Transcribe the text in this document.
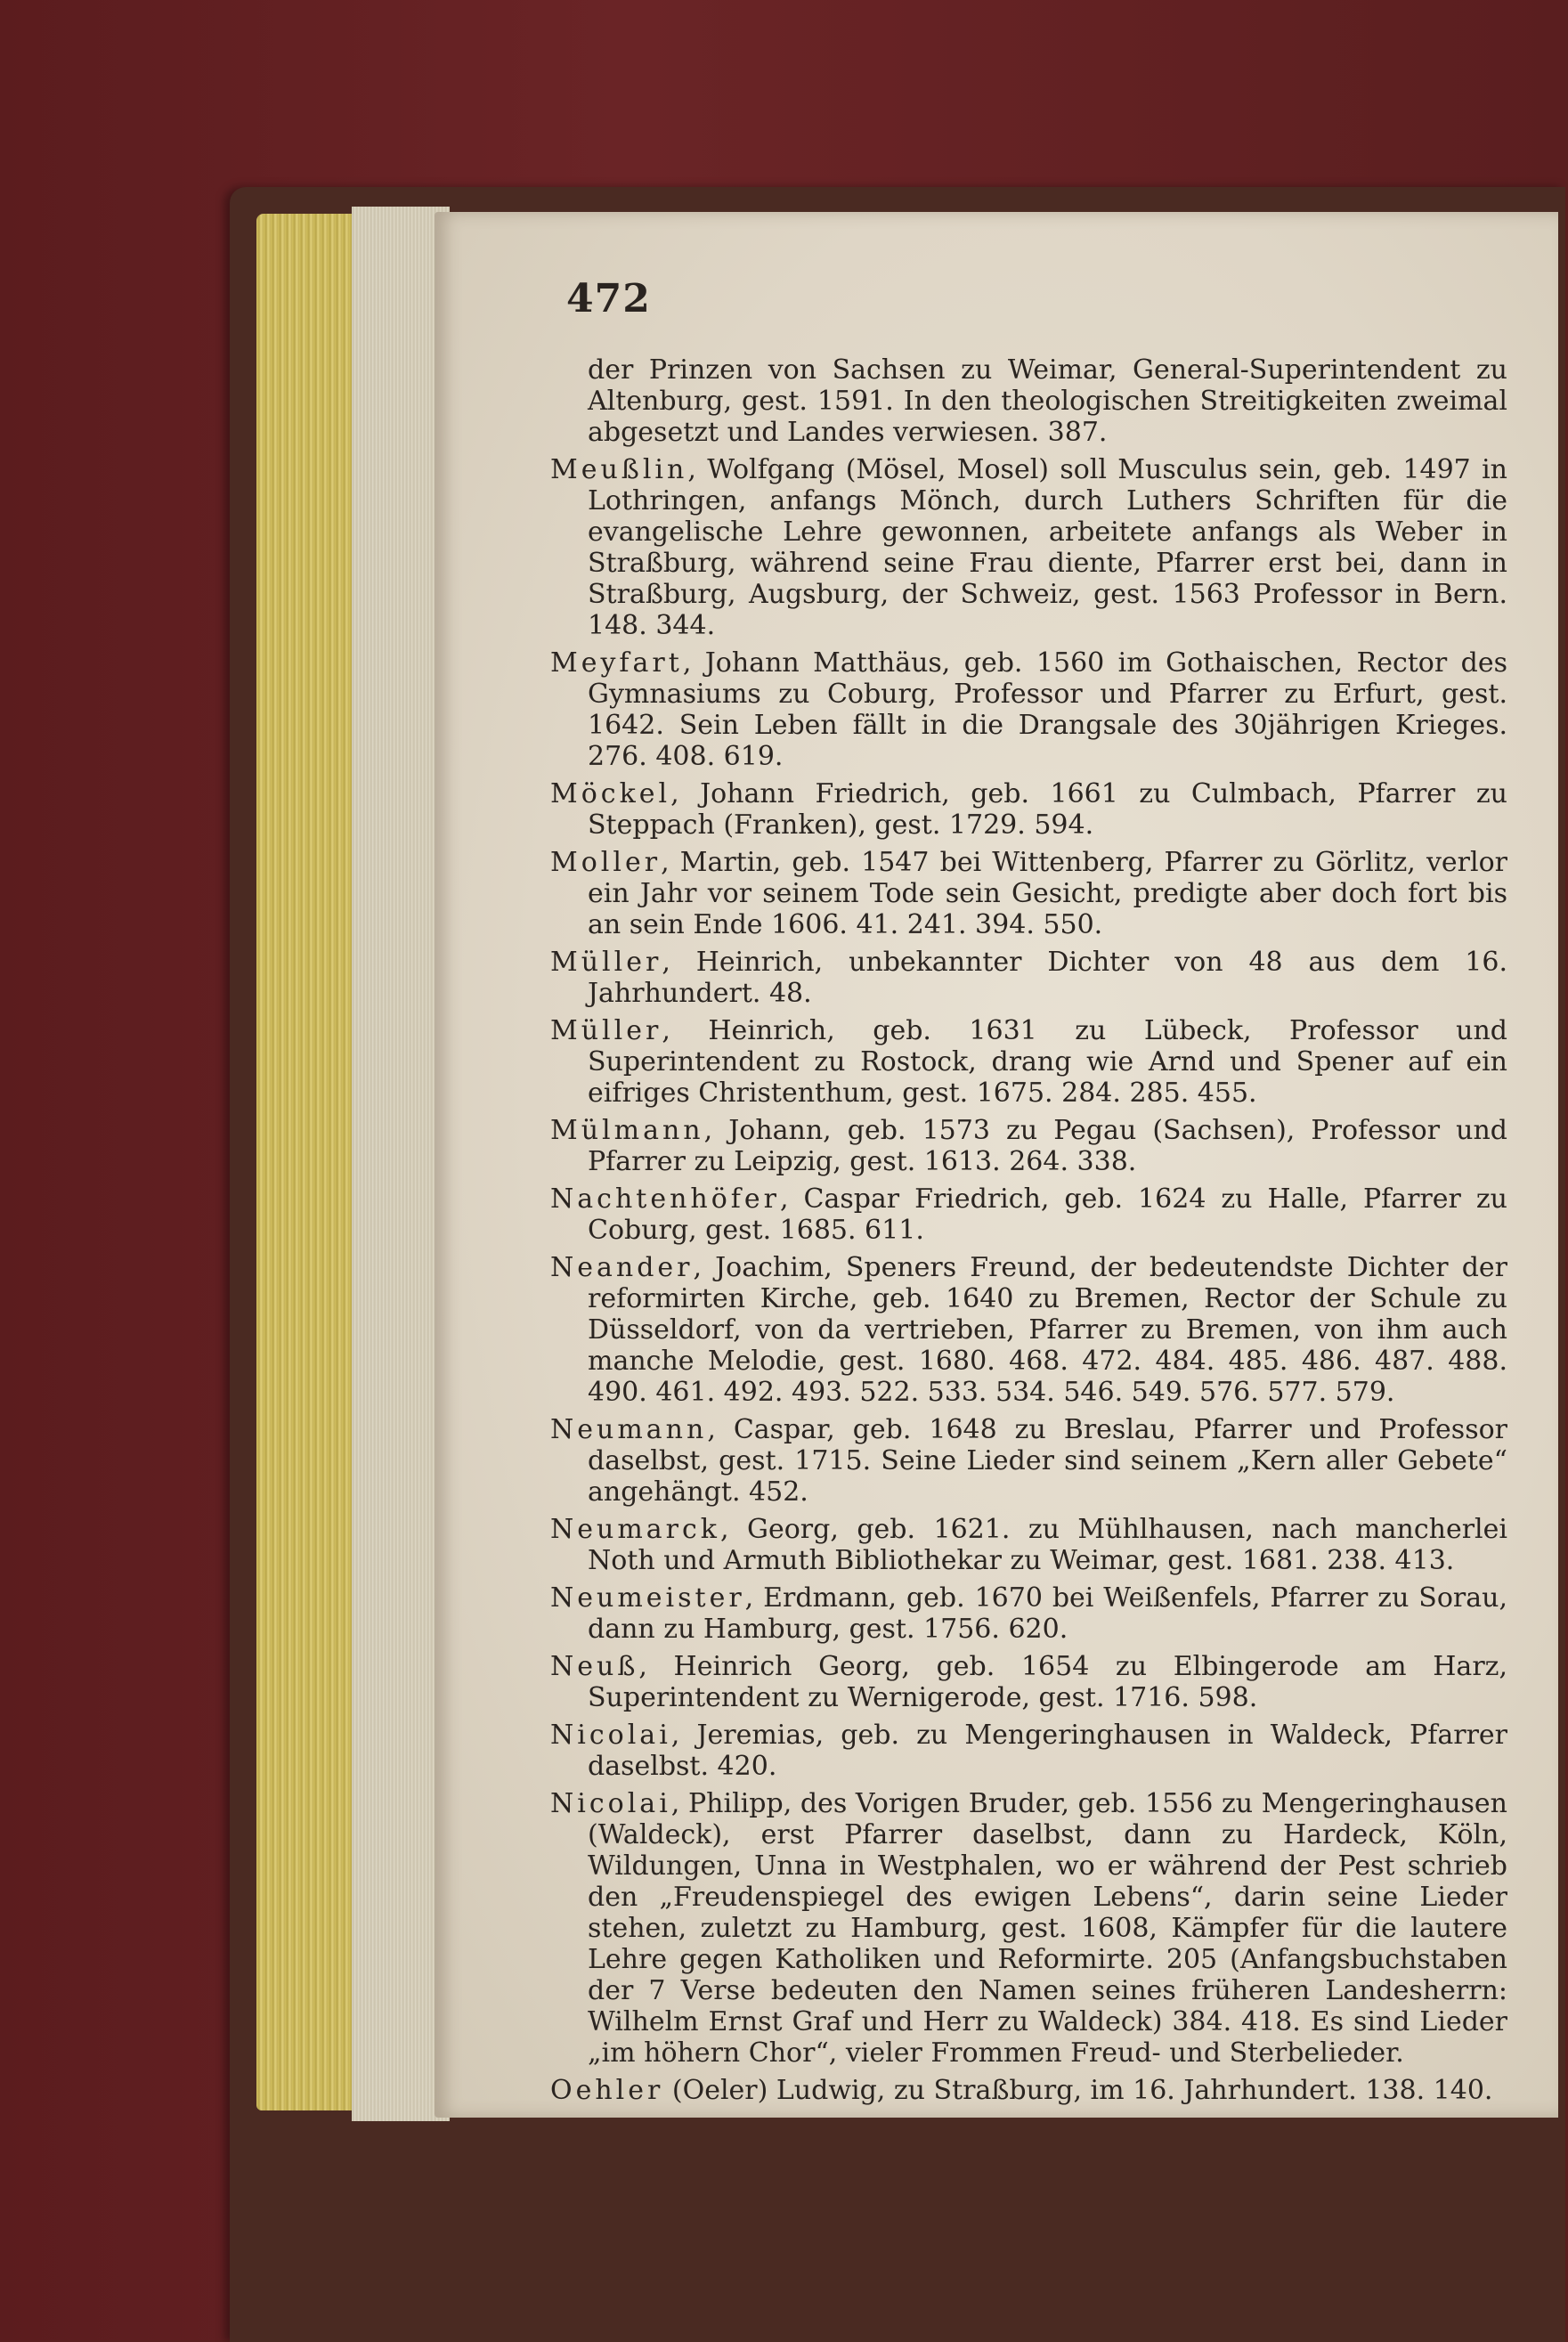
472

der Prinzen von Sachsen zu Weimar, General-Superintendent zu Altenburg, gest. 1591. In den theologischen Streitigkeiten zweimal abgesetzt und Landes verwiesen. 387.

Meußlin, Wolfgang (Mösel, Mosel) soll Musculus sein, geb. 1497 in Lothringen, anfangs Mönch, durch Luthers Schriften für die evangelische Lehre gewonnen, arbeitete anfangs als Weber in Straßburg, während seine Frau diente, Pfarrer erst bei, dann in Straßburg, Augsburg, der Schweiz, gest. 1563 Professor in Bern. 148. 344.

Meyfart, Johann Matthäus, geb. 1560 im Gothaischen, Rector des Gymnasiums zu Coburg, Professor und Pfarrer zu Erfurt, gest. 1642. Sein Leben fällt in die Drangsale des 30jährigen Krieges. 276. 408. 619.

Möckel, Johann Friedrich, geb. 1661 zu Culmbach, Pfarrer zu Steppach (Franken), gest. 1729. 594.

Moller, Martin, geb. 1547 bei Wittenberg, Pfarrer zu Görlitz, verlor ein Jahr vor seinem Tode sein Gesicht, predigte aber doch fort bis an sein Ende 1606. 41. 241. 394. 550.

Müller, Heinrich, unbekannter Dichter von 48 aus dem 16. Jahrhundert. 48.

Müller, Heinrich, geb. 1631 zu Lübeck, Professor und Superintendent zu Rostock, drang wie Arnd und Spener auf ein eifriges Christenthum, gest. 1675. 284. 285. 455.

Mülmann, Johann, geb. 1573 zu Pegau (Sachsen), Professor und Pfarrer zu Leipzig, gest. 1613. 264. 338.

Nachtenhöfer, Caspar Friedrich, geb. 1624 zu Halle, Pfarrer zu Coburg, gest. 1685. 611.

Neander, Joachim, Speners Freund, der bedeutendste Dichter der reformirten Kirche, geb. 1640 zu Bremen, Rector der Schule zu Düsseldorf, von da vertrieben, Pfarrer zu Bremen, von ihm auch manche Melodie, gest. 1680. 468. 472. 484. 485. 486. 487. 488. 490. 461. 492. 493. 522. 533. 534. 546. 549. 576. 577. 579.

Neumann, Caspar, geb. 1648 zu Breslau, Pfarrer und Professor daselbst, gest. 1715. Seine Lieder sind seinem „Kern aller Gebete“ angehängt. 452.

Neumarck, Georg, geb. 1621. zu Mühlhausen, nach mancherlei Noth und Armuth Bibliothekar zu Weimar, gest. 1681. 238. 413.

Neumeister, Erdmann, geb. 1670 bei Weißenfels, Pfarrer zu Sorau, dann zu Hamburg, gest. 1756. 620.

Neuß, Heinrich Georg, geb. 1654 zu Elbingerode am Harz, Superintendent zu Wernigerode, gest. 1716. 598.

Nicolai, Jeremias, geb. zu Mengeringhausen in Waldeck, Pfarrer daselbst. 420.

Nicolai, Philipp, des Vorigen Bruder, geb. 1556 zu Mengeringhausen (Waldeck), erst Pfarrer daselbst, dann zu Hardeck, Köln, Wildungen, Unna in Westphalen, wo er während der Pest schrieb den „Freudenspiegel des ewigen Lebens“, darin seine Lieder stehen, zuletzt zu Hamburg, gest. 1608, Kämpfer für die lautere Lehre gegen Katholiken und Reformirte. 205 (Anfangsbuchstaben der 7 Verse bedeuten den Namen seines früheren Landesherrn: Wilhelm Ernst Graf und Herr zu Waldeck) 384. 418. Es sind Lieder „im höhern Chor“, vieler Frommen Freud- und Sterbelieder.

Oehler (Oeler) Ludwig, zu Straßburg, im 16. Jahrhundert. 138. 140.
